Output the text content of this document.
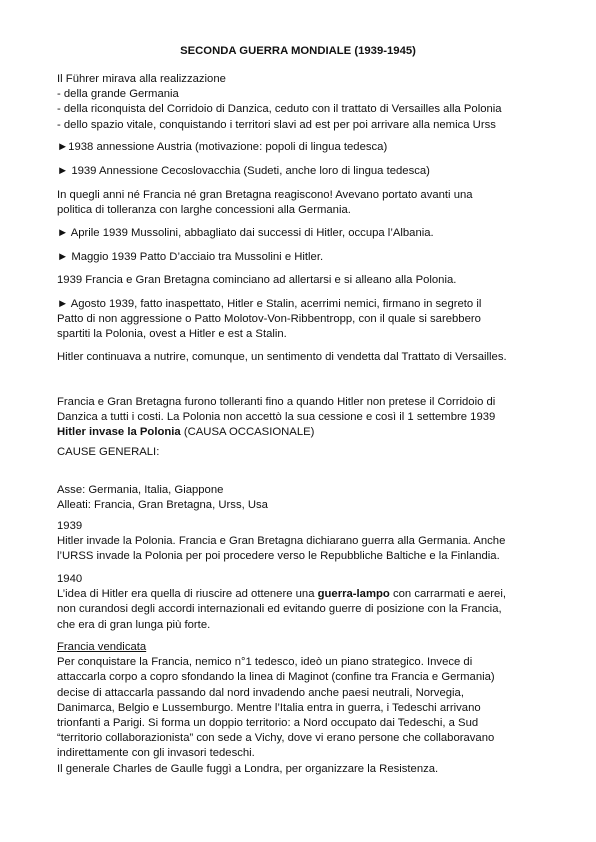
SECONDA GUERRA MONDIALE (1939-1945)

Il Führer mirava alla realizzazione
- della grande Germania
- della riconquista del Corridoio di Danzica, ceduto con il trattato di Versailles alla Polonia
- dello spazio vitale, conquistando i territori slavi ad est per poi arrivare alla nemica Urss

►1938 annessione Austria (motivazione: popoli di lingua tedesca)

► 1939 Annessione Cecoslovacchia (Sudeti, anche loro di lingua tedesca)

In quegli anni né Francia né gran Bretagna reagiscono! Avevano portato avanti una
politica di tolleranza con larghe concessioni alla Germania.

► Aprile 1939 Mussolini, abbagliato dai successi di Hitler, occupa l’Albania.

► Maggio 1939 Patto D’acciaio tra Mussolini e Hitler.

1939 Francia e Gran Bretagna cominciano ad allertarsi e si alleano alla Polonia.

► Agosto 1939, fatto inaspettato, Hitler e Stalin, acerrimi nemici, firmano in segreto il
Patto di non aggressione o Patto Molotov-Von-Ribbentropp, con il quale si sarebbero
spartiti la Polonia, ovest a Hitler e est a Stalin.

Hitler continuava a nutrire, comunque, un sentimento di vendetta dal Trattato di Versailles.

Francia e Gran Bretagna furono tolleranti fino a quando Hitler non pretese il Corridoio di
Danzica a tutti i costi. La Polonia non accettò la sua cessione e così il 1 settembre 1939
Hitler invase la Polonia (CAUSA OCCASIONALE)

CAUSE GENERALI:

Asse: Germania, Italia, Giappone
Alleati: Francia, Gran Bretagna, Urss, Usa

1939
Hitler invade la Polonia. Francia e Gran Bretagna dichiarano guerra alla Germania. Anche
l’URSS invade la Polonia per poi procedere verso le Repubbliche Baltiche e la Finlandia.

1940
L’idea di Hitler era quella di riuscire ad ottenere una guerra-lampo con carrarmati e aerei,
non curandosi degli accordi internazionali ed evitando guerre di posizione con la Francia,
che era di gran lunga più forte.

Francia vendicata
Per conquistare la Francia, nemico n°1 tedesco, ideò un piano strategico. Invece di
attaccarla corpo a copro sfondando la linea di Maginot (confine tra Francia e Germania)
decise di attaccarla passando dal nord invadendo anche paesi neutrali, Norvegia,
Danimarca, Belgio e Lussemburgo. Mentre l’Italia entra in guerra, i Tedeschi arrivano
trionfanti a Parigi. Si forma un doppio territorio: a Nord occupato dai Tedeschi, a Sud
“territorio collaborazionista” con sede a Vichy, dove vi erano persone che collaboravano
indirettamente con gli invasori tedeschi.
Il generale Charles de Gaulle fuggì a Londra, per organizzare la Resistenza.
